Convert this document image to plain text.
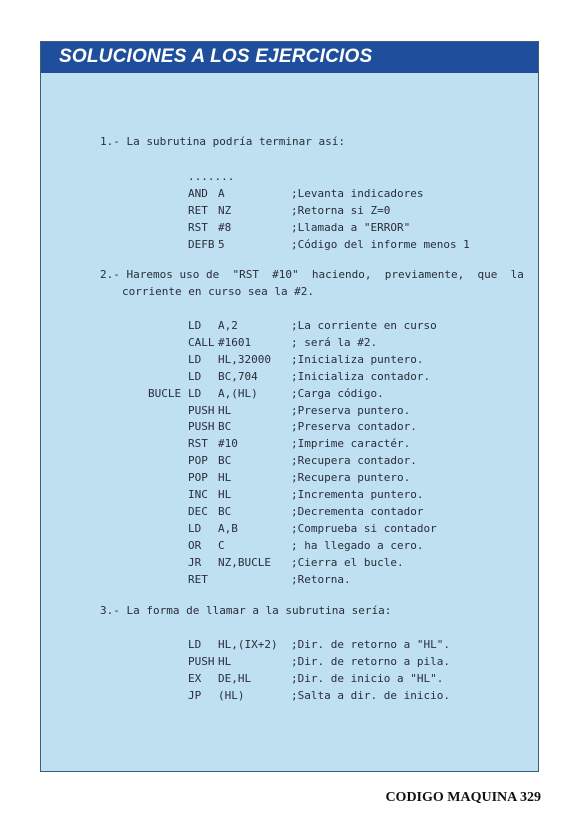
SOLUCIONES A LOS EJERCICIOS
1.- La subrutina podría terminar así:
.......
AND A	;Levanta indicadores
RET NZ	;Retorna si Z=0
RST #8	;Llamada a "ERROR"
DEFB 5	;Código del informe menos 1
2.- Haremos uso de  "RST  #10"  haciendo,  previamente,  que  la
corriente en curso sea la #2.
LD A,2	;La corriente en curso
CALL #1601	; será la #2.
LD HL,32000 ;Inicializa puntero.
LD BC,704	;Inicializa contador.
BUCLE LD A,(HL)	;Carga código.
PUSH HL	;Preserva puntero.
PUSH BC	;Preserva contador.
RST #10	;Imprime caractér.
POP BC	;Recupera contador.
POP HL	;Recupera puntero.
INC HL	;Incrementa puntero.
DEC BC	;Decrementa contador
LD A,B	;Comprueba si contador
OR C	; ha llegado a cero.
JR NZ,BUCLE ;Cierra el bucle.
RET	;Retorna.
3.- La forma de llamar a la subrutina sería:
LD HL,(IX+2) ;Dir. de retorno a "HL".
PUSH HL	;Dir. de retorno a pila.
EX DE,HL	;Dir. de inicio a "HL".
JP (HL)	;Salta a dir. de inicio.
CODIGO MAQUINA 329
